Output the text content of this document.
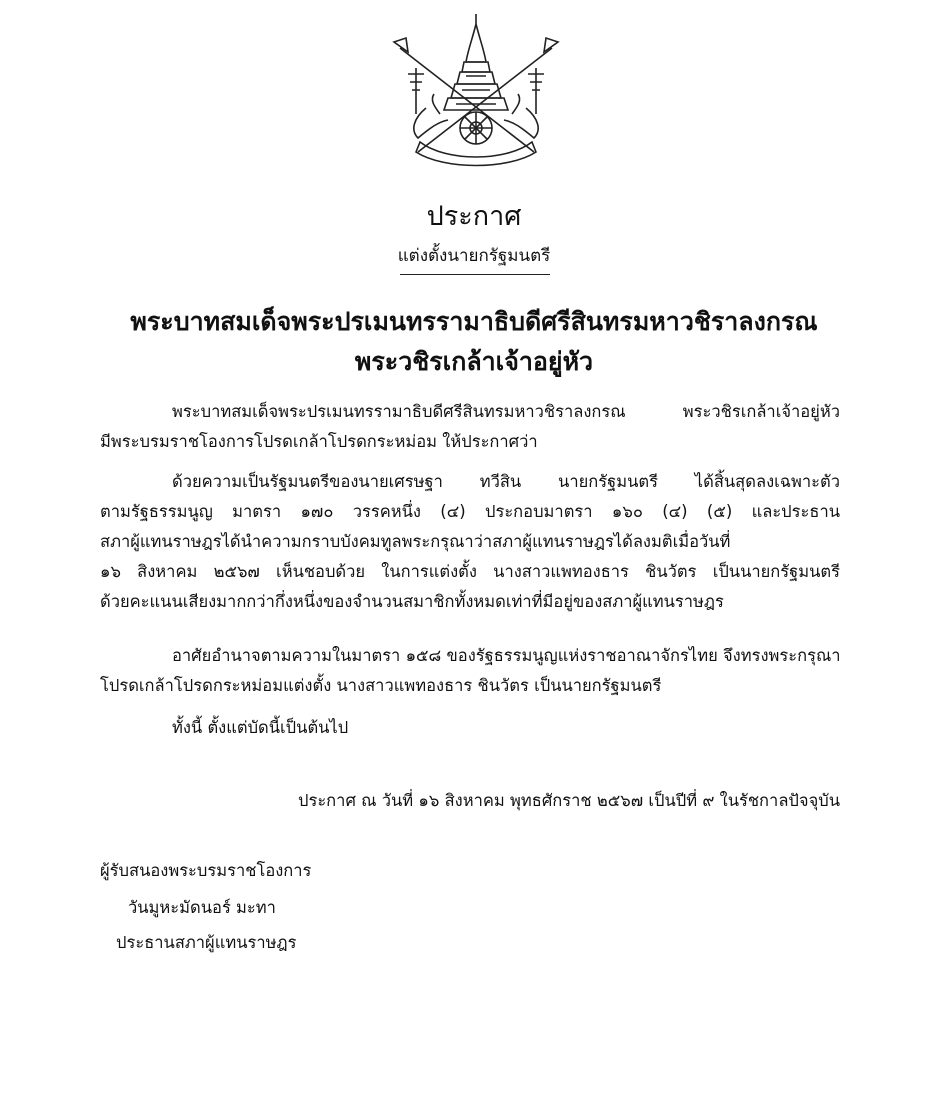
ประกาศ
แต่งตั้งนายกรัฐมนตรี
พระบาทสมเด็จพระปรเมนทรรามาธิบดีศรีสินทรมหาวชิราลงกรณ
พระวชิรเกล้าเจ้าอยู่หัว
พระบาทสมเด็จพระปรเมนทรรามาธิบดีศรีสินทรมหาวชิราลงกรณ พระวชิรเกล้าเจ้าอยู่หัว
มีพระบรมราชโองการโปรดเกล้าโปรดกระหม่อม ให้ประกาศว่า
ด้วยความเป็นรัฐมนตรีของนายเศรษฐา ทวีสิน นายกรัฐมนตรี ได้สิ้นสุดลงเฉพาะตัว
ตามรัฐธรรมนูญ มาตรา ๑๗๐ วรรคหนึ่ง (๔) ประกอบมาตรา ๑๖๐ (๔) (๕) และประธาน
สภาผู้แทนราษฎรได้นำความกราบบังคมทูลพระกรุณาว่าสภาผู้แทนราษฎรได้ลงมติเมื่อวันที่
๑๖ สิงหาคม ๒๕๖๗ เห็นชอบด้วย ในการแต่งตั้ง นางสาวแพทองธาร ชินวัตร เป็นนายกรัฐมนตรี
ด้วยคะแนนเสียงมากกว่ากึ่งหนึ่งของจำนวนสมาชิกทั้งหมดเท่าที่มีอยู่ของสภาผู้แทนราษฎร
อาศัยอำนาจตามความในมาตรา ๑๕๘ ของรัฐธรรมนูญแห่งราชอาณาจักรไทย จึงทรงพระกรุณา
โปรดเกล้าโปรดกระหม่อมแต่งตั้ง นางสาวแพทองธาร ชินวัตร เป็นนายกรัฐมนตรี
ทั้งนี้ ตั้งแต่บัดนี้เป็นต้นไป
ประกาศ ณ วันที่ ๑๖ สิงหาคม พุทธศักราช ๒๕๖๗ เป็นปีที่ ๙ ในรัชกาลปัจจุบัน
ผู้รับสนองพระบรมราชโองการ
วันมูหะมัดนอร์ มะทา
ประธานสภาผู้แทนราษฎร
